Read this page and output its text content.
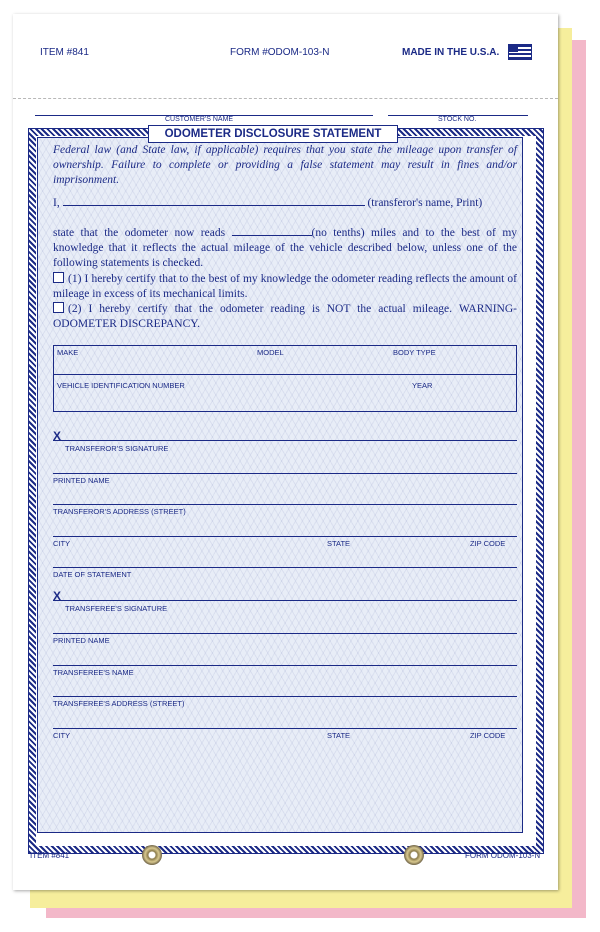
ITEM #841	FORM #ODOM-103-N	MADE IN THE U.S.A.
CUSTOMER'S NAME	STOCK NO.
ODOMETER DISCLOSURE STATEMENT
Federal law (and State law, if applicable) requires that you state the mileage upon transfer of ownership. Failure to complete or providing a false statement may result in fines and/or imprisonment.
I,	(transferor's name, Print)
state that the odometer now reads	(no tenths) miles and to the best of my knowledge that it reflects the actual mileage of the vehicle described below, unless one of the following statements is checked.
(1) I hereby certify that to the best of my knowledge the odometer reading reflects the amount of mileage in excess of its mechanical limits.
(2) I hereby certify that the odometer reading is NOT the actual mileage. WARNING-ODOMETER DISCREPANCY.
MAKE	MODEL	BODY TYPE
VEHICLE IDENTIFICATION NUMBER	YEAR
X
TRANSFEROR'S SIGNATURE
PRINTED NAME
TRANSFEROR'S ADDRESS (STREET)
CITY	STATE	ZIP CODE
DATE OF STATEMENT
X
TRANSFEREE'S SIGNATURE
PRINTED NAME
TRANSFEREE'S NAME
TRANSFEREE'S ADDRESS (STREET)
CITY	STATE	ZIP CODE
ITEM #841	FORM ODOM-103-N
